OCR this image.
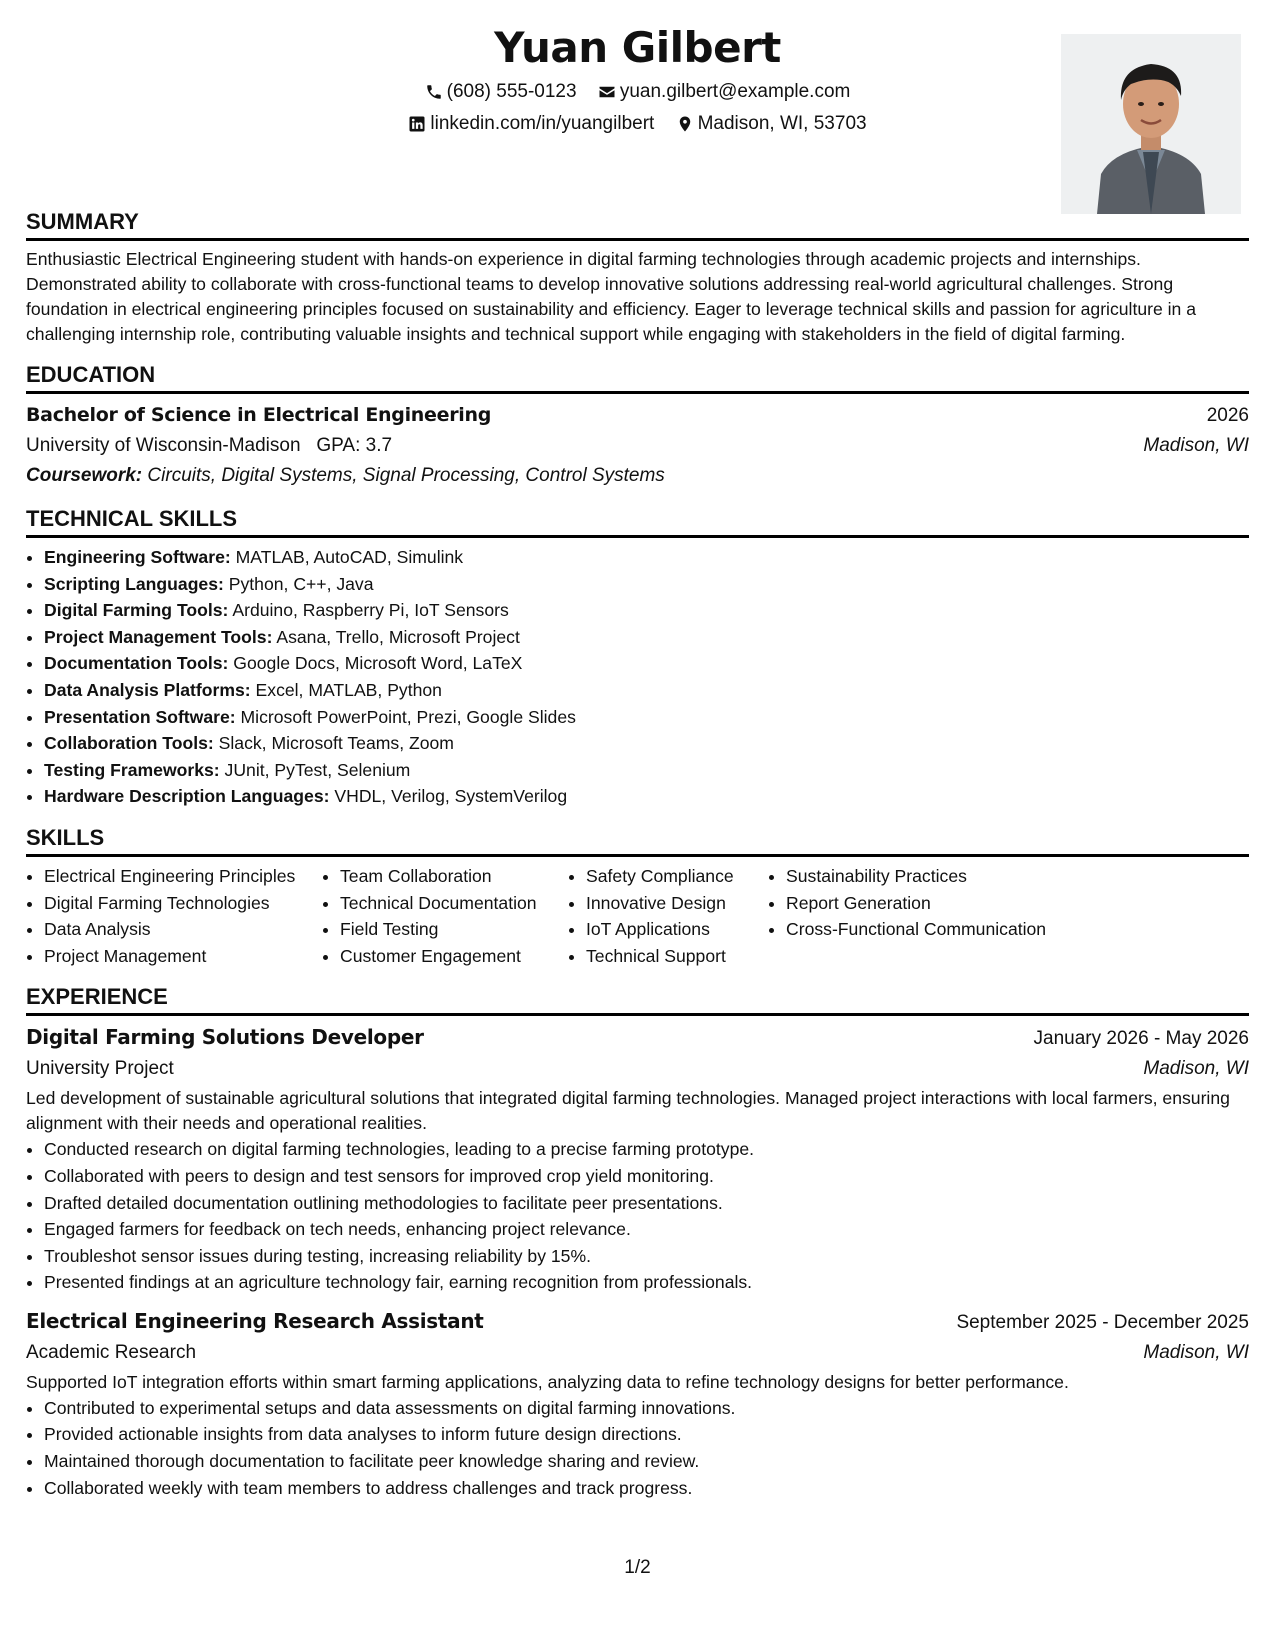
Yuan Gilbert
(608) 555-0123
yuan.gilbert@example.com
linkedin.com/in/yuangilbert
Madison, WI, 53703
SUMMARY
Enthusiastic Electrical Engineering student with hands-on experience in digital farming technologies through academic projects and internships. Demonstrated ability to collaborate with cross-functional teams to develop innovative solutions addressing real-world agricultural challenges. Strong foundation in electrical engineering principles focused on sustainability and efficiency. Eager to leverage technical skills and passion for agriculture in a challenging internship role, contributing valuable insights and technical support while engaging with stakeholders in the field of digital farming.
EDUCATION
Bachelor of Science in Electrical Engineering	2026
University of Wisconsin-Madison GPA: 3.7	Madison, WI
Coursework: Circuits, Digital Systems, Signal Processing, Control Systems
TECHNICAL SKILLS
• Engineering Software: MATLAB, AutoCAD, Simulink
• Scripting Languages: Python, C++, Java
• Digital Farming Tools: Arduino, Raspberry Pi, IoT Sensors
• Project Management Tools: Asana, Trello, Microsoft Project
• Documentation Tools: Google Docs, Microsoft Word, LaTeX
• Data Analysis Platforms: Excel, MATLAB, Python
• Presentation Software: Microsoft PowerPoint, Prezi, Google Slides
• Collaboration Tools: Slack, Microsoft Teams, Zoom
• Testing Frameworks: JUnit, PyTest, Selenium
• Hardware Description Languages: VHDL, Verilog, SystemVerilog
SKILLS
• Electrical Engineering Principles
• Digital Farming Technologies
• Data Analysis
• Project Management
• Team Collaboration
• Technical Documentation
• Field Testing
• Customer Engagement
• Safety Compliance
• Innovative Design
• IoT Applications
• Technical Support
• Sustainability Practices
• Report Generation
• Cross-Functional Communication
EXPERIENCE
Digital Farming Solutions Developer	January 2026 - May 2026
University Project	Madison, WI
Led development of sustainable agricultural solutions that integrated digital farming technologies. Managed project interactions with local farmers, ensuring alignment with their needs and operational realities.
• Conducted research on digital farming technologies, leading to a precise farming prototype.
• Collaborated with peers to design and test sensors for improved crop yield monitoring.
• Drafted detailed documentation outlining methodologies to facilitate peer presentations.
• Engaged farmers for feedback on tech needs, enhancing project relevance.
• Troubleshot sensor issues during testing, increasing reliability by 15%.
• Presented findings at an agriculture technology fair, earning recognition from professionals.
Electrical Engineering Research Assistant	September 2025 - December 2025
Academic Research	Madison, WI
Supported IoT integration efforts within smart farming applications, analyzing data to refine technology designs for better performance.
• Contributed to experimental setups and data assessments on digital farming innovations.
• Provided actionable insights from data analyses to inform future design directions.
• Maintained thorough documentation to facilitate peer knowledge sharing and review.
• Collaborated weekly with team members to address challenges and track progress.
1/2
